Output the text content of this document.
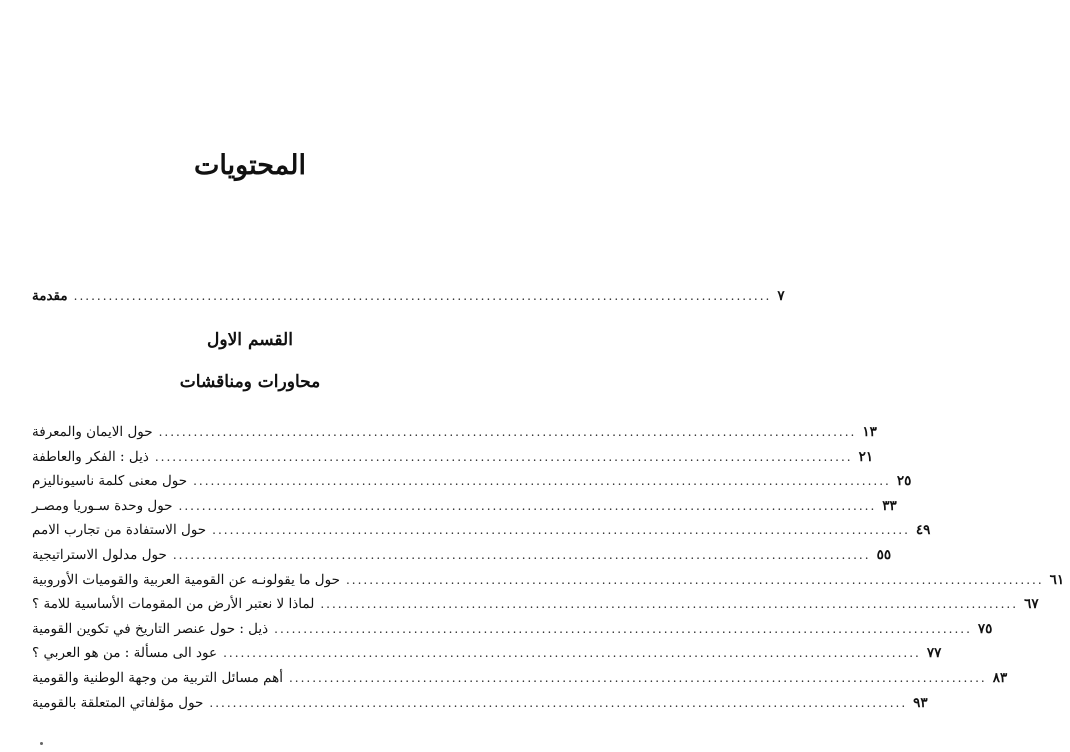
المحتويات
مقدمة ........................................................................................................................ ٧
القسم الاول
محاورات ومناقشات
حول الايمان والمعرفة ........................................................................................................................ ١٣
ذيل : الفكر والعاطفة ........................................................................................................................ ٢١
حول معنى كلمة ناسيوناليزم ........................................................................................................................ ٢٥
حول وحدة سـوريا ومصـر ........................................................................................................................ ٣٣
حول الاستفادة من تجارب الامم ........................................................................................................................ ٤٩
حول مدلول الاستراتيجية ........................................................................................................................ ٥٥
حول ما يقولونـه عن القومية العربية والقوميات الأوروبية ........................................................................................................................ ٦١
لماذا لا نعتبر الأرض من المقومات الأساسية للامة ؟ ........................................................................................................................ ٦٧
ذيل : حول عنصر التاريخ في تكوين القومية ........................................................................................................................ ٧٥
عود الى مسألة : من هو العربي ؟ ........................................................................................................................ ٧٧
أهم مسائل التربية من وجهة الوطنية والقومية ........................................................................................................................ ٨٣
حول مؤلفاتي المتعلقة بالقومية ........................................................................................................................ ٩٣
